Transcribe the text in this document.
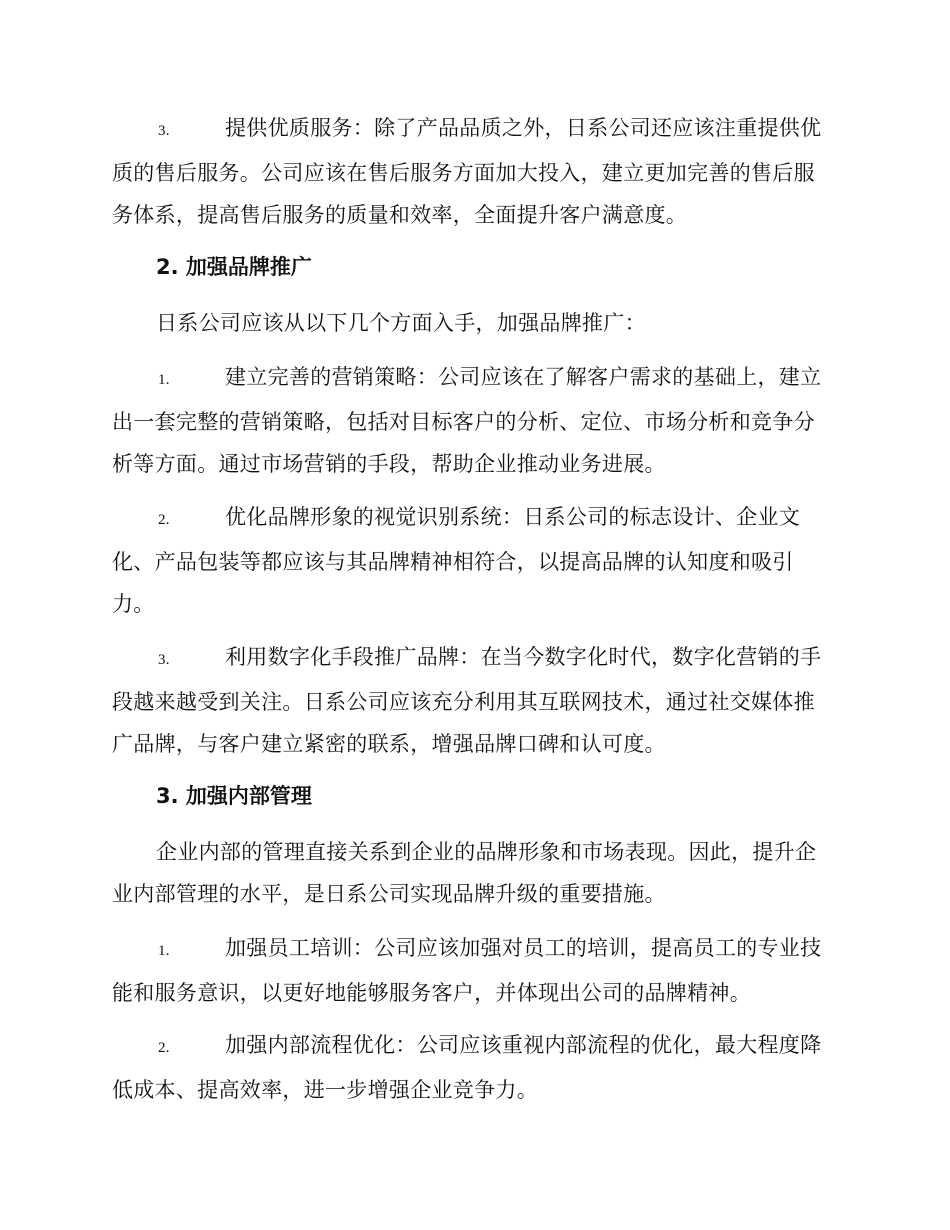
3.	提供优质服务：除了产品品质之外，日系公司还应该注重提供优质的售后服务。公司应该在售后服务方面加大投入，建立更加完善的售后服务体系，提高售后服务的质量和效率，全面提升客户满意度。
2. 加强品牌推广
日系公司应该从以下几个方面入手，加强品牌推广：
1.	建立完善的营销策略：公司应该在了解客户需求的基础上，建立出一套完整的营销策略，包括对目标客户的分析、定位、市场分析和竞争分析等方面。通过市场营销的手段，帮助企业推动业务进展。
2.	优化品牌形象的视觉识别系统：日系公司的标志设计、企业文化、产品包装等都应该与其品牌精神相符合，以提高品牌的认知度和吸引力。
3.	利用数字化手段推广品牌：在当今数字化时代，数字化营销的手段越来越受到关注。日系公司应该充分利用其互联网技术，通过社交媒体推广品牌，与客户建立紧密的联系，增强品牌口碑和认可度。
3. 加强内部管理
企业内部的管理直接关系到企业的品牌形象和市场表现。因此，提升企业内部管理的水平，是日系公司实现品牌升级的重要措施。
1.	加强员工培训：公司应该加强对员工的培训，提高员工的专业技能和服务意识，以更好地能够服务客户，并体现出公司的品牌精神。
2.	加强内部流程优化：公司应该重视内部流程的优化，最大程度降低成本、提高效率，进一步增强企业竞争力。
